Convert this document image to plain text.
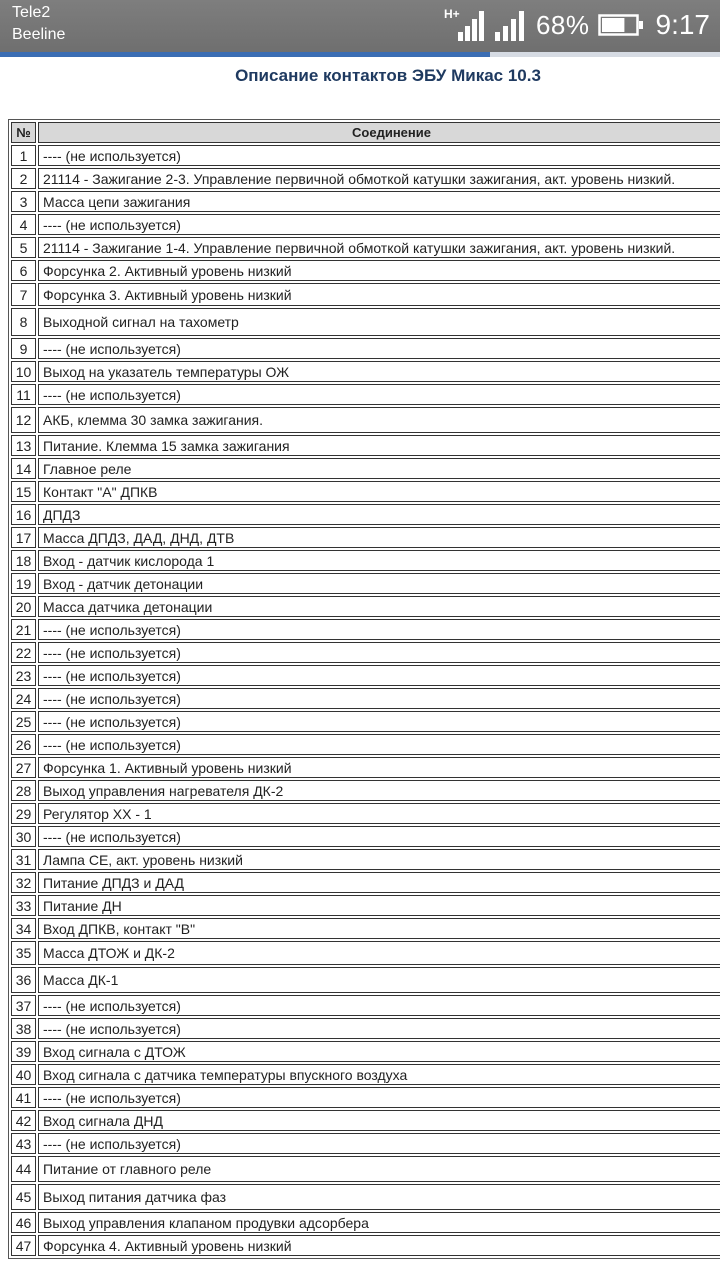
Tele2
Beeline
H+	68% 9:17
Описание контактов ЭБУ Микас 10.3
№	Соединение
1	---- (не используется)
2	21114 - Зажигание 2-3. Управление первичной обмоткой катушки зажигания, акт. уровень низкий.
3	Масса цепи зажигания
4	---- (не используется)
5	21114 - Зажигание 1-4. Управление первичной обмоткой катушки зажигания, акт. уровень низкий.
6	Форсунка 2. Активный уровень низкий
7	Форсунка 3. Активный уровень низкий
8	Выходной сигнал на тахометр
9	---- (не используется)
10	Выход на указатель температуры ОЖ
11	---- (не используется)
12	АКБ, клемма 30 замка зажигания.
13	Питание. Клемма 15 замка зажигания
14	Главное реле
15	Контакт "А" ДПКВ
16	ДПДЗ
17	Масса ДПДЗ, ДАД, ДНД, ДТВ
18	Вход - датчик кислорода 1
19	Вход - датчик детонации
20	Масса датчика детонации
21	---- (не используется)
22	---- (не используется)
23	---- (не используется)
24	---- (не используется)
25	---- (не используется)
26	---- (не используется)
27	Форсунка 1. Активный уровень низкий
28	Выход управления нагревателя ДК-2
29	Регулятор ХХ - 1
30	---- (не используется)
31	Лампа СЕ, акт. уровень низкий
32	Питание ДПДЗ и ДАД
33	Питание ДН
34	Вход ДПКВ, контакт "В"
35	Масса ДТОЖ и ДК-2
36	Масса ДК-1
37	---- (не используется)
38	---- (не используется)
39	Вход сигнала с ДТОЖ
40	Вход сигнала с датчика температуры впускного воздуха
41	---- (не используется)
42	Вход сигнала ДНД
43	---- (не используется)
44	Питание от главного реле
45	Выход питания датчика фаз
46	Выход управления клапаном продувки адсорбера
47	Форсунка 4. Активный уровень низкий
